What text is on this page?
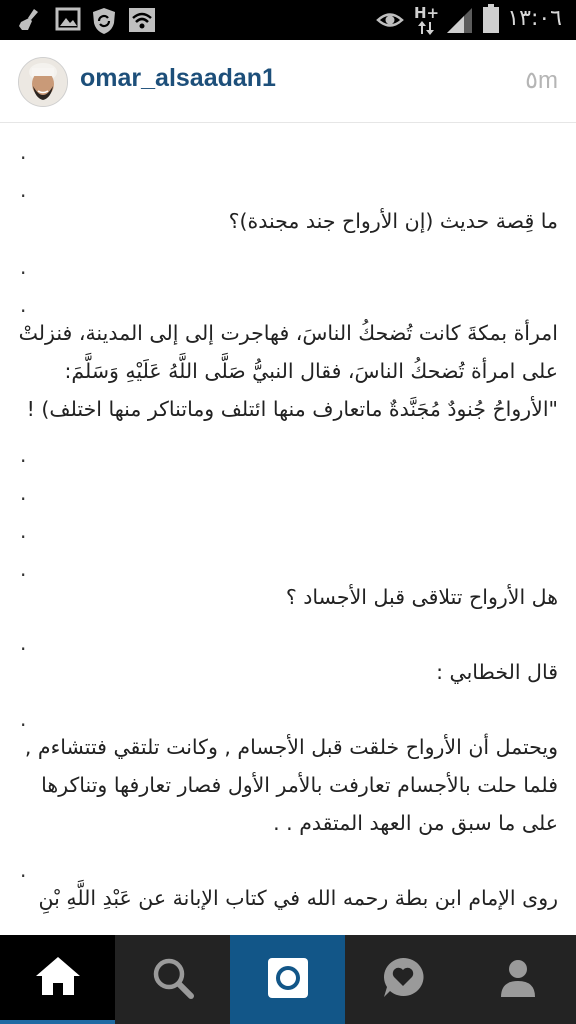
H+	١٣:٠٦
omar_alsaadan1	٥m
.
.
ما قِصة حديث (إن الأرواح جند مجندة)؟
.
.
امرأة بمكةَ كانت تُضحكُ الناسَ، فهاجرت إلى إلى المدينة، فنزلتْ
على امرأة تُضحكُ الناسَ، فقال النبيُّ صَلَّى اللَّهُ عَلَيْهِ وَسَلَّمَ:
"الأرواحُ جُنودٌ مُجَنَّدةٌ ماتعارف منها ائتلف وماتناكر منها اختلف) !
.
.
.
.
هل الأرواح تتلاقى قبل الأجساد ؟
.
قال الخطابي :
.
ويحتمل أن الأرواح خلقت قبل الأجسام , وكانت تلتقي فتتشاءم ,
فلما حلت بالأجسام تعارفت بالأمر الأول فصار تعارفها وتناكرها
على ما سبق من العهد المتقدم . .
.
روى الإمام ابن بطة رحمه الله في كتاب الإبانة عن عَبْدِ اللَّهِ بْنِ
